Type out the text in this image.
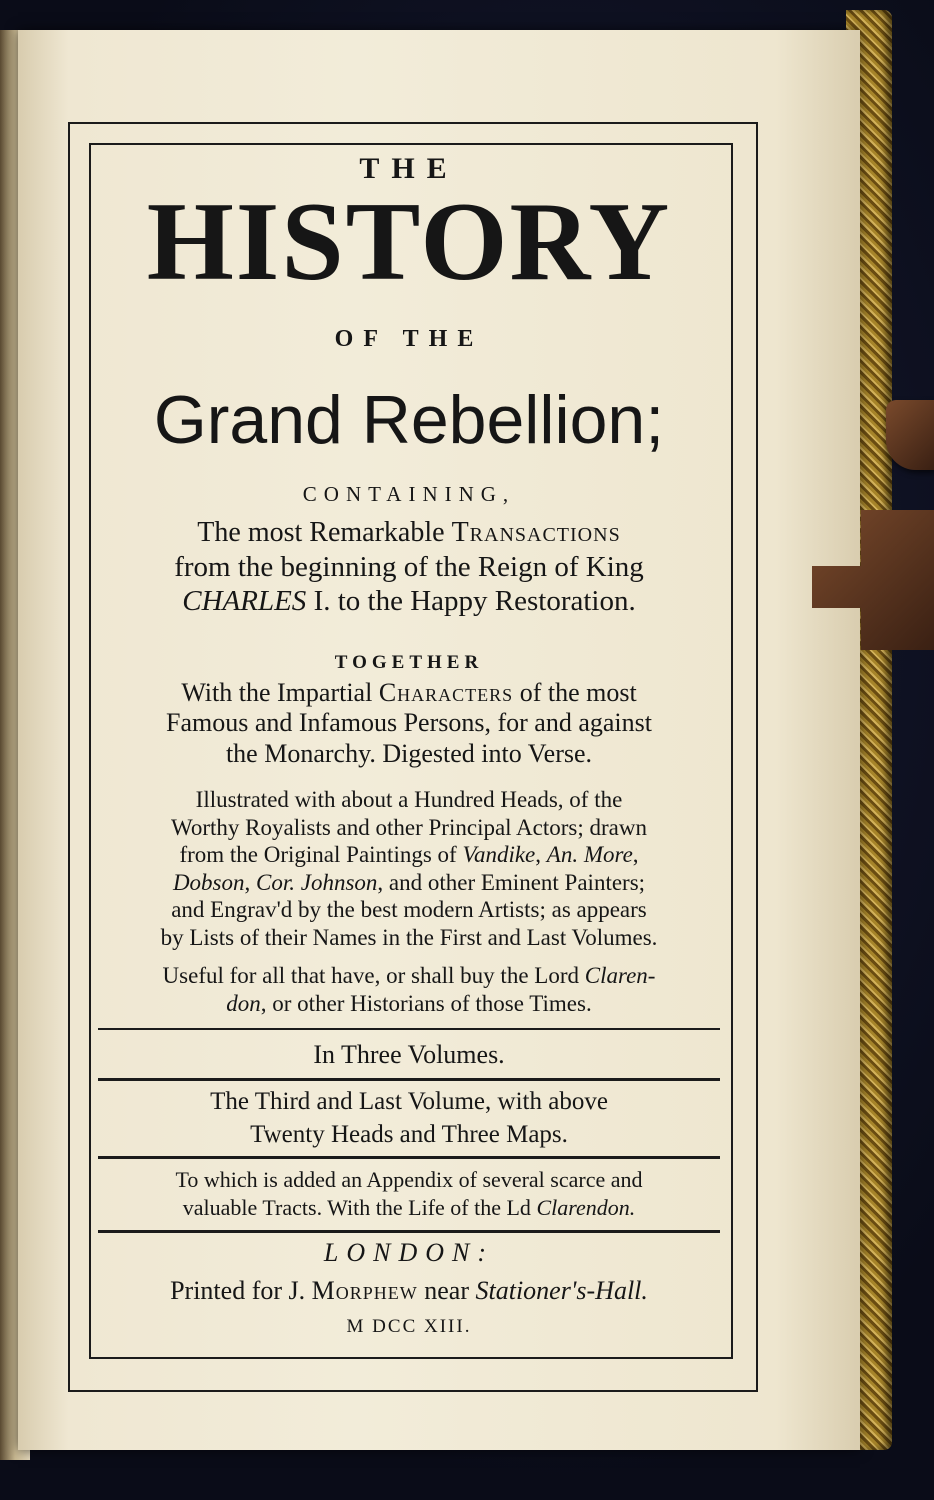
THE
HISTORY
OF THE
Grand Rebellion;
CONTAINING,
The most Remarkable Transactions
from the beginning of the Reign of King
CHARLES I. to the Happy Restoration.
TOGETHER
With the Impartial Characters of the most
Famous and Infamous Persons, for and against
the Monarchy. Digested into Verse.
Illustrated with about a Hundred Heads, of the
Worthy Royalists and other Principal Actors; drawn
from the Original Paintings of Vandike, An. More,
Dobson, Cor. Johnson, and other Eminent Painters;
and Engrav'd by the best modern Artists; as appears
by Lists of their Names in the First and Last Volumes.
Useful for all that have, or shall buy the Lord Claren-
don, or other Historians of those Times.
In Three Volumes.
The Third and Last Volume, with above
Twenty Heads and Three Maps.
To which is added an Appendix of several scarce and
valuable Tracts. With the Life of the Ld Clarendon.
LONDON:
Printed for J. Morphew near Stationer's-Hall.
M DCC XIII.
